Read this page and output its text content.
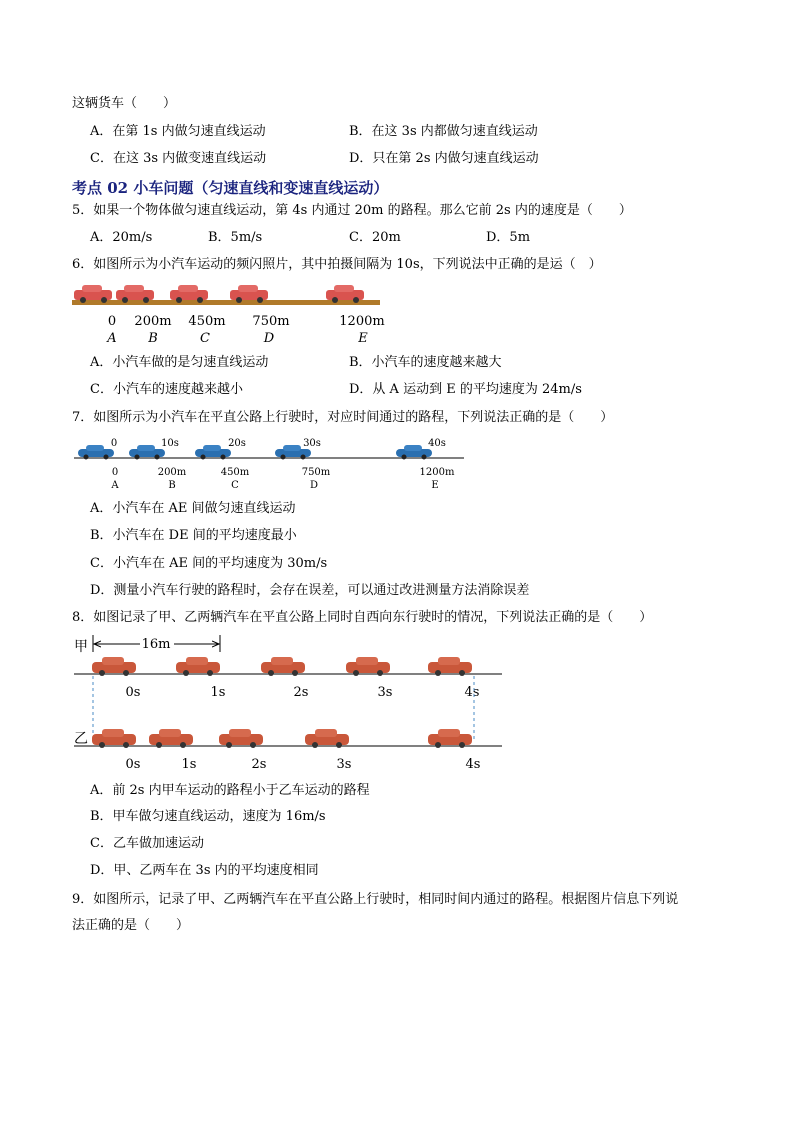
这辆货车（　　）
A．在第 1s 内做匀速直线运动	B．在这 3s 内都做匀速直线运动
C．在这 3s 内做变速直线运动	D．只在第 2s 内做匀速直线运动
考点 02 小车问题（匀速直线和变速直线运动）
5．如果一个物体做匀速直线运动，第 4s 内通过 20m 的路程。那么它前 2s 内的速度是（　　）
A．20m/s	B．5m/s	C．20m	D．5m
6．如图所示为小汽车运动的频闪照片，其中拍摄间隔为 10s，下列说法中正确的是运（　）
0 200m 450m 750m	1200m
A B	C	D	E
A．小汽车做的是匀速直线运动	B．小汽车的速度越来越大
C．小汽车的速度越来越小	D．从 A 运动到 E 的平均速度为 24m/s
7．如图所示为小汽车在平直公路上行驶时，对应时间通过的路程，下列说法正确的是（　　）
0	10s	20s	30s	40s
0	200m	450m	750m	1200m
A	B	C	D	E
A．小汽车在 AE 间做匀速直线运动
B．小汽车在 DE 间的平均速度最小
C．小汽车在 AE 间的平均速度为 30m/s
D．测量小汽车行驶的路程时，会存在误差，可以通过改进测量方法消除误差
8．如图记录了甲、乙两辆汽车在平直公路上同时自西向东行驶时的情况，下列说法正确的是（　　）
甲	16m
0s	1s	2s	3s	4s
乙
0s	1s	2s	3s	4s
A．前 2s 内甲车运动的路程小于乙车运动的路程
B．甲车做匀速直线运动，速度为 16m/s
C．乙车做加速运动
D．甲、乙两车在 3s 内的平均速度相同
9．如图所示，记录了甲、乙两辆汽车在平直公路上行驶时，相同时间内通过的路程。根据图片信息下列说
法正确的是（　　）
